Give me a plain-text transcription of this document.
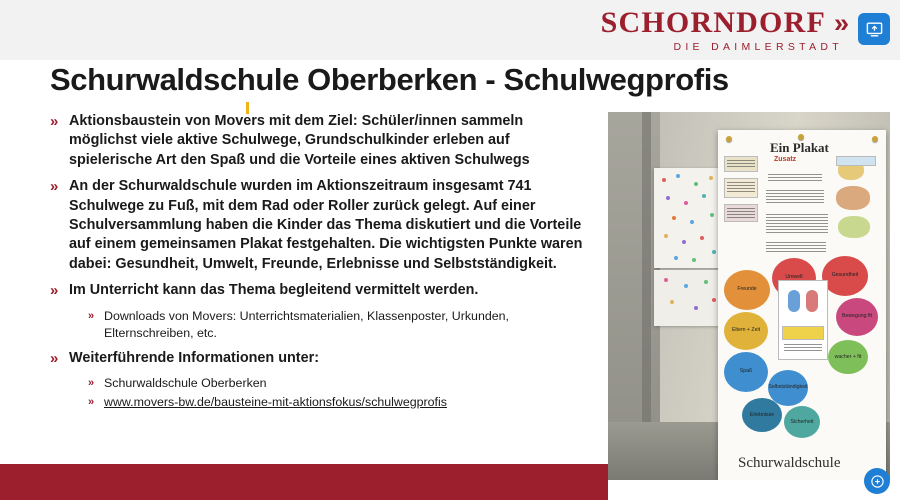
SCHORNDORF »
DIE DAIMLERSTADT
Schurwaldschule Oberberken - Schulwegprofis
» Aktionsbaustein von Movers mit dem Ziel: Schüler/innen sammeln möglichst viele aktive Schulwege, Grundschulkinder erleben auf spielerische Art den Spaß und die Vorteile eines aktiven Schulwegs
» An der Schurwaldschule wurden im Aktionszeitraum insgesamt 741 Schulwege zu Fuß, mit dem Rad oder Roller zurück gelegt. Auf einer Schulversammlung haben die Kinder das Thema diskutiert und die Vorteile auf einem gemeinsamen Plakat festgehalten. Die wichtigsten Punkte waren dabei: Gesundheit, Umwelt, Freunde, Erlebnisse und Selbstständigkeit.
» Im Unterricht kann das Thema begleitend vermittelt werden.
» Downloads von Movers: Unterrichtsmaterialien, Klassenposter, Urkunden, Elternschreiben, etc.
» Weiterführende Informationen unter:
» Schurwaldschule Oberberken
» www.movers-bw.de/bausteine-mit-aktionsfokus/schulwegprofis
Ein Plakat
Zusatz
Freunde
Umwelt	Gesundheit
Bewegung fit
Eltern + Zeit
Spaß
Selbstständigkeit
Erlebnisse
Sicherheit
wacher + fit
Schurwaldschule
